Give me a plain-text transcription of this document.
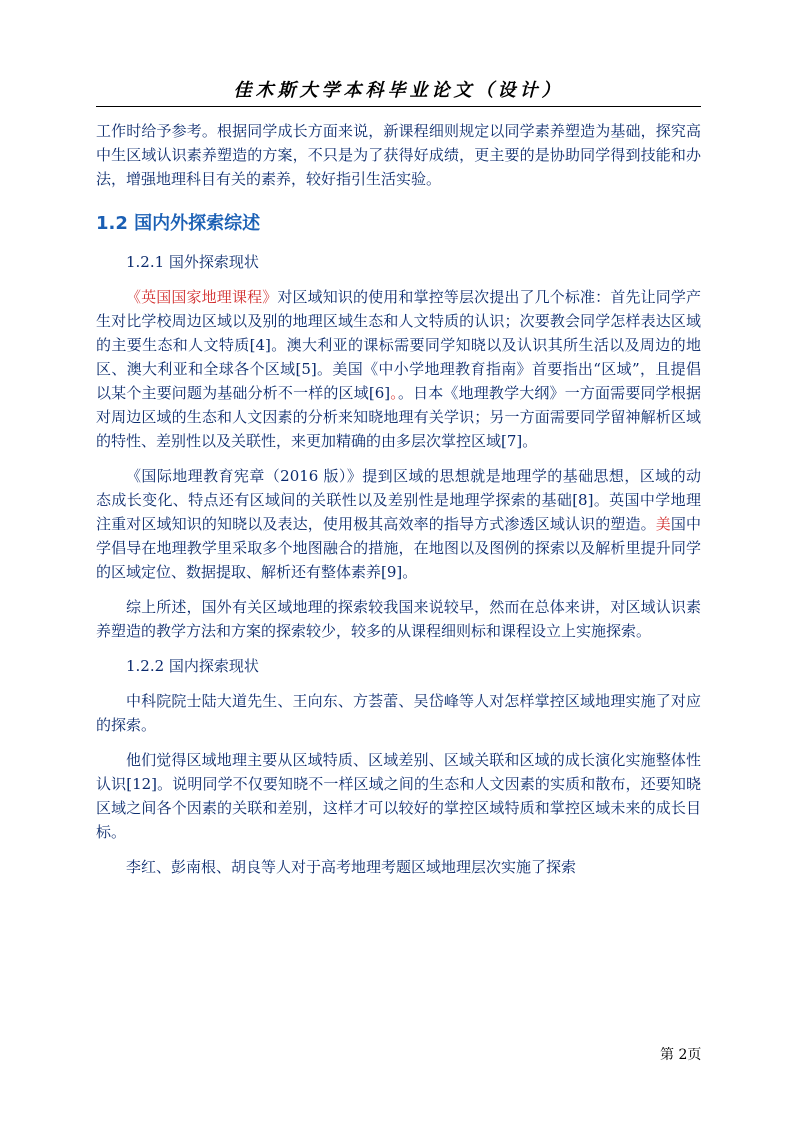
佳木斯大学本科毕业论文（设计）

工作时给予参考。根据同学成长方面来说，新课程细则规定以同学素养塑造为基础，探究高中生区域认识素养塑造的方案，不只是为了获得好成绩，更主要的是协助同学得到技能和办法，增强地理科目有关的素养，较好指引生活实验。

1.2 国内外探索综述

1.2.1 国外探索现状

《英国国家地理课程》对区域知识的使用和掌控等层次提出了几个标准：首先让同学产生对比学校周边区域以及别的地理区域生态和人文特质的认识；次要教会同学怎样表达区域的主要生态和人文特质[4]。澳大利亚的课标需要同学知晓以及认识其所生活以及周边的地区、澳大利亚和全球各个区域[5]。美国《中小学地理教育指南》首要指出“区域”，且提倡以某个主要问题为基础分析不一样的区域[6]。。日本《地理教学大纲》一方面需要同学根据对周边区域的生态和人文因素的分析来知晓地理有关学识；另一方面需要同学留神解析区域的特性、差别性以及关联性，来更加精确的由多层次掌控区域[7]。

《国际地理教育宪章（2016 版）》提到区域的思想就是地理学的基础思想，区域的动态成长变化、特点还有区域间的关联性以及差别性是地理学探索的基础[8]。英国中学地理注重对区域知识的知晓以及表达，使用极其高效率的指导方式渗透区域认识的塑造。美国中学倡导在地理教学里采取多个地图融合的措施，在地图以及图例的探索以及解析里提升同学的区域定位、数据提取、解析还有整体素养[9]。

综上所述，国外有关区域地理的探索较我国来说较早，然而在总体来讲，对区域认识素养塑造的教学方法和方案的探索较少，较多的从课程细则标和课程设立上实施探索。

1.2.2 国内探索现状

中科院院士陆大道先生、王向东、方荟蕾、吴岱峰等人对怎样掌控区域地理实施了对应的探索。

他们觉得区域地理主要从区域特质、区域差别、区域关联和区域的成长演化实施整体性认识[12]。说明同学不仅要知晓不一样区域之间的生态和人文因素的实质和散布，还要知晓区域之间各个因素的关联和差别，这样才可以较好的掌控区域特质和掌控区域未来的成长目标。

李红、彭南根、胡良等人对于高考地理考题区域地理层次实施了探索

第 2页
